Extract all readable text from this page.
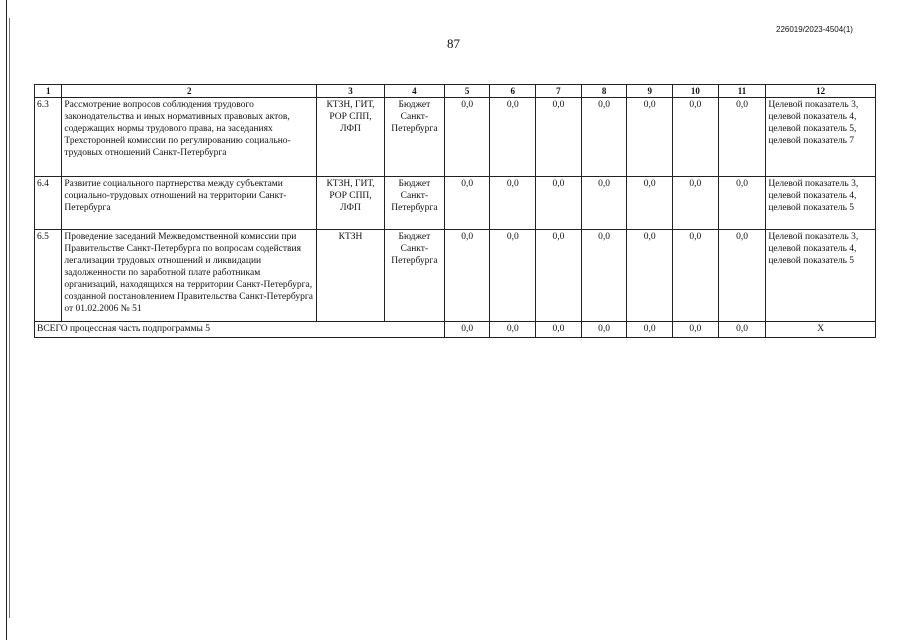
226019/2023-4504(1)
87
1	2	3	4	5	6	7	8	9	10	11	12
6.3	Рассмотрение вопросов соблюдения трудового законодательства и иных нормативных правовых актов, содержащих нормы трудового права, на заседаниях Трехсторонней комиссии по регулированию социально-трудовых отношений Санкт-Петербурга	КТЗН, ГИТ, РОР СПП, ЛФП	Бюджет Санкт-Петербурга	0,0	0,0	0,0	0,0	0,0	0,0	0,0	Целевой показатель 3, целевой показатель 4, целевой показатель 5, целевой показатель 7
6.4	Развитие социального партнерства между субъектами социально-трудовых отношений на территории Санкт-Петербурга	КТЗН, ГИТ, РОР СПП, ЛФП	Бюджет Санкт-Петербурга	0,0	0,0	0,0	0,0	0,0	0,0	0,0	Целевой показатель 3, целевой показатель 4, целевой показатель 5
6.5	Проведение заседаний Межведомственной комиссии при Правительстве Санкт-Петербурга по вопросам содействия легализации трудовых отношений и ликвидации задолженности по заработной плате работникам организаций, находящихся на территории Санкт-Петербурга, созданной постановлением Правительства Санкт-Петербурга от 01.02.2006 № 51	КТЗН	Бюджет Санкт-Петербурга	0,0	0,0	0,0	0,0	0,0	0,0	0,0	Целевой показатель 3, целевой показатель 4, целевой показатель 5
ВСЕГО процессная часть подпрограммы 5				0,0	0,0	0,0	0,0	0,0	0,0	0,0	Х
